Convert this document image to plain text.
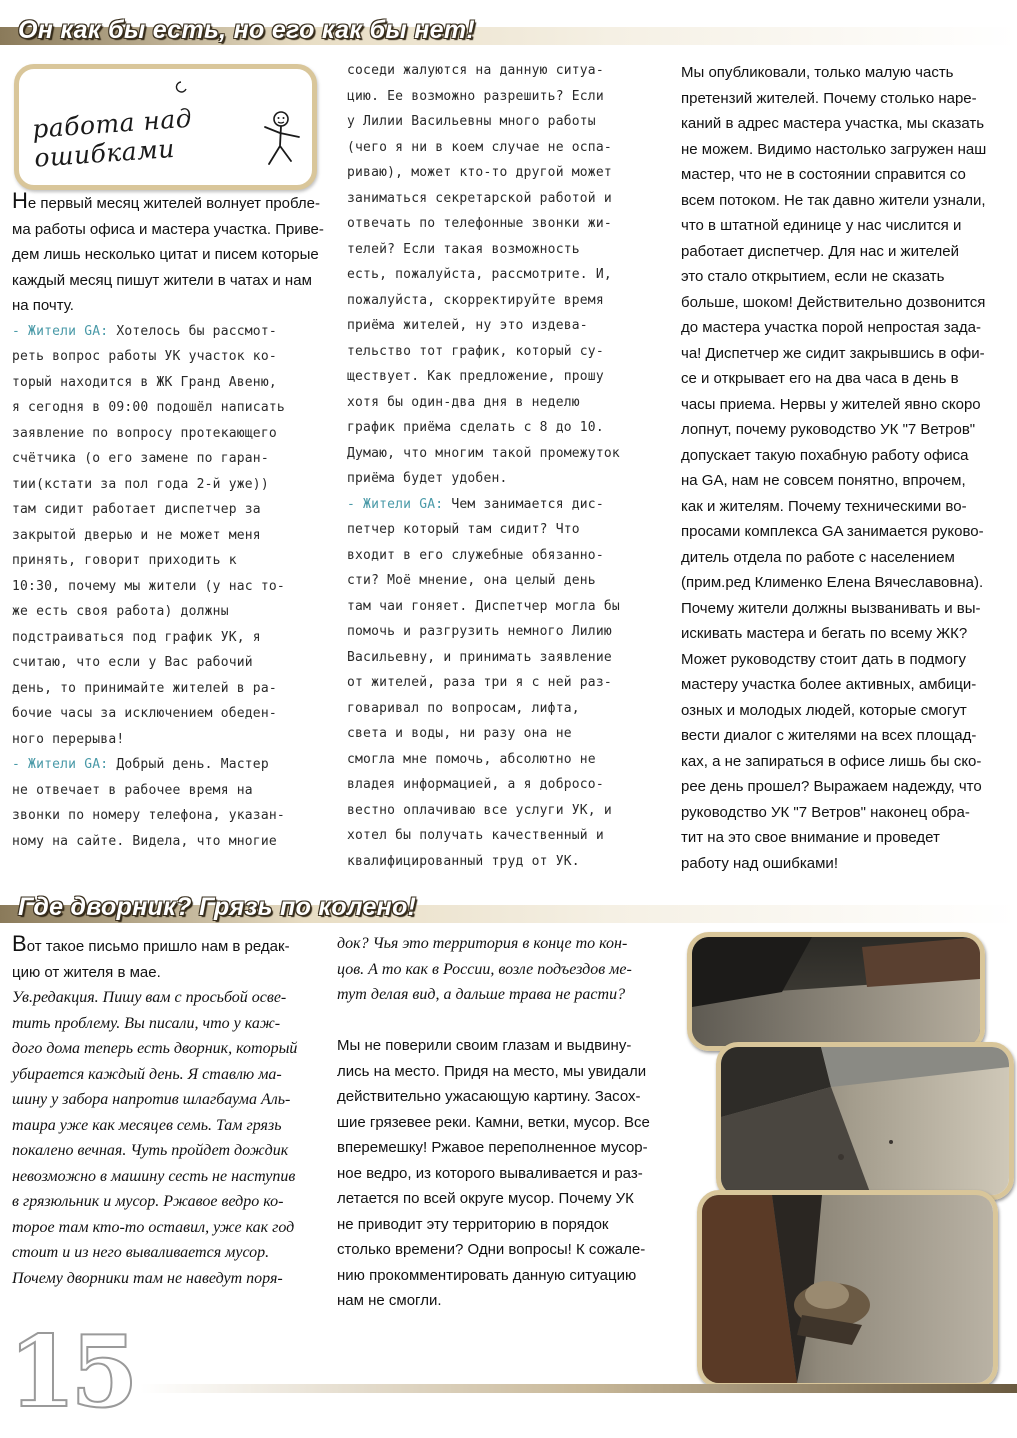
Он как бы есть, но его как бы нет!
работа над ошибками
Не первый месяц жителей волнует пробле-
ма работы офиса и мастера участка. Приве-
дем лишь несколько цитат и писем которые
каждый месяц пишут жители в чатах и нам
на почту.
- Жители GA: Хотелось бы рассмот-
реть вопрос работы УК участок ко-
торый находится в ЖК Гранд Авеню,
я сегодня в 09:00 подошёл написать
заявление по вопросу протекающего
счётчика (о его замене по гаран-
тии(кстати за пол года 2-й уже))
там сидит работает диспетчер за
закрытой дверью и не может меня
принять, говорит приходить к
10:30, почему мы жители (у нас то-
же есть своя работа) должны
подстраиваться под график УК, я
считаю, что если у Вас рабочий
день, то принимайте жителей в ра-
бочие часы за исключением обеден-
ного перерыва!
- Жители GA: Добрый день. Мастер
не отвечает в рабочее время на
звонки по номеру телефона, указан-
ному на сайте. Видела, что многие
соседи жалуются на данную ситуа-
цию. Ее возможно разрешить? Если
у Лилии Васильевны много работы
(чего я ни в коем случае не оспа-
риваю), может кто-то другой может
заниматься секретарской работой и
отвечать по телефонные звонки жи-
телей? Если такая возможность
есть, пожалуйста, рассмотрите. И,
пожалуйста, скорректируйте время
приёма жителей, ну это издева-
тельство тот график, который су-
ществует. Как предложение, прошу
хотя бы один-два дня в неделю
график приёма сделать с 8 до 10.
Думаю, что многим такой промежуток
приёма будет удобен.
- Жители GA: Чем занимается дис-
петчер который там сидит? Что
входит в его служебные обязанно-
сти? Моё мнение, она целый день
там чаи гоняет. Диспетчер могла бы
помочь и разгрузить немного Лилию
Васильевну, и принимать заявление
от жителей, раза три я с ней раз-
говаривал по вопросам, лифта,
света и воды, ни разу она не
смогла мне помочь, абсолютно не
владея информацией, а я добросо-
вестно оплачиваю все услуги УК, и
хотел бы получать качественный и
квалифицированный труд от УК.
Мы опубликовали, только малую часть
претензий жителей. Почему столько наре-
каний в адрес мастера участка, мы сказать
не можем. Видимо настолько загружен наш
мастер, что не в состоянии справится со
всем потоком. Не так давно жители узнали,
что в штатной единице у нас числится и
работает диспетчер. Для нас и жителей
это стало открытием, если не сказать
больше, шоком! Действительно дозвонится
до мастера участка порой непростая зада-
ча! Диспетчер же сидит закрывшись в офи-
се и открывает его на два часа в день в
часы приема. Нервы у жителей явно скоро
лопнут, почему руководство УК "7 Ветров"
допускает такую похабную работу офиса
на GA, нам не совсем понятно, впрочем,
как и жителям. Почему техническими во-
просами комплекса GA занимается руково-
дитель отдела по работе с населением
(прим.ред Клименко Елена Вячеславовна).
Почему жители должны вызванивать и вы-
искивать мастера и бегать по всему ЖК?
Может руководству стоит дать в подмогу
мастеру участка более активных, амбици-
озных и молодых людей, которые смогут
вести диалог с жителями на всех площад-
ках, а не запираться в офисе лишь бы ско-
рее день прошел? Выражаем надежду, что
руководство УК "7 Ветров" наконец обра-
тит на это свое внимание и проведет
работу над ошибками!
Где дворник? Грязь по колено!
Вот такое письмо пришло нам в редак-
цию от жителя в мае.
Ув.редакция. Пишу вам с просьбой осве-
тить проблему. Вы писали, что у каж-
дого дома теперь есть дворник, который
убирается каждый день. Я ставлю ма-
шину у забора напротив шлагбаума Аль-
таира уже как месяцев семь. Там грязь
покалено вечная. Чуть пройдет дождик
невозможно в машину сесть не наступив
в грязюльник и мусор. Ржавое ведро ко-
торое там кто-то оставил, уже как год
стоит и из него вываливается мусор.
Почему дворники там не наведут поря-
док? Чья это территория в конце то кон-
цов. А то как в России, возле подъездов ме-
тут делая вид, а дальше трава не расти?
Мы не поверили своим глазам и выдвину-
лись на место. Придя на место, мы увидали
действительно ужасающую картину. Засох-
шие грязевее реки. Камни, ветки, мусор. Все
вперемешку! Ржавое переполненное мусор-
ное ведро, из которого вываливается и раз-
летается по всей округе мусор. Почему УК
не приводит эту территорию в порядок
столько времени? Одни вопросы! К сожале-
нию прокомментировать данную ситуацию
нам не смогли.
15
